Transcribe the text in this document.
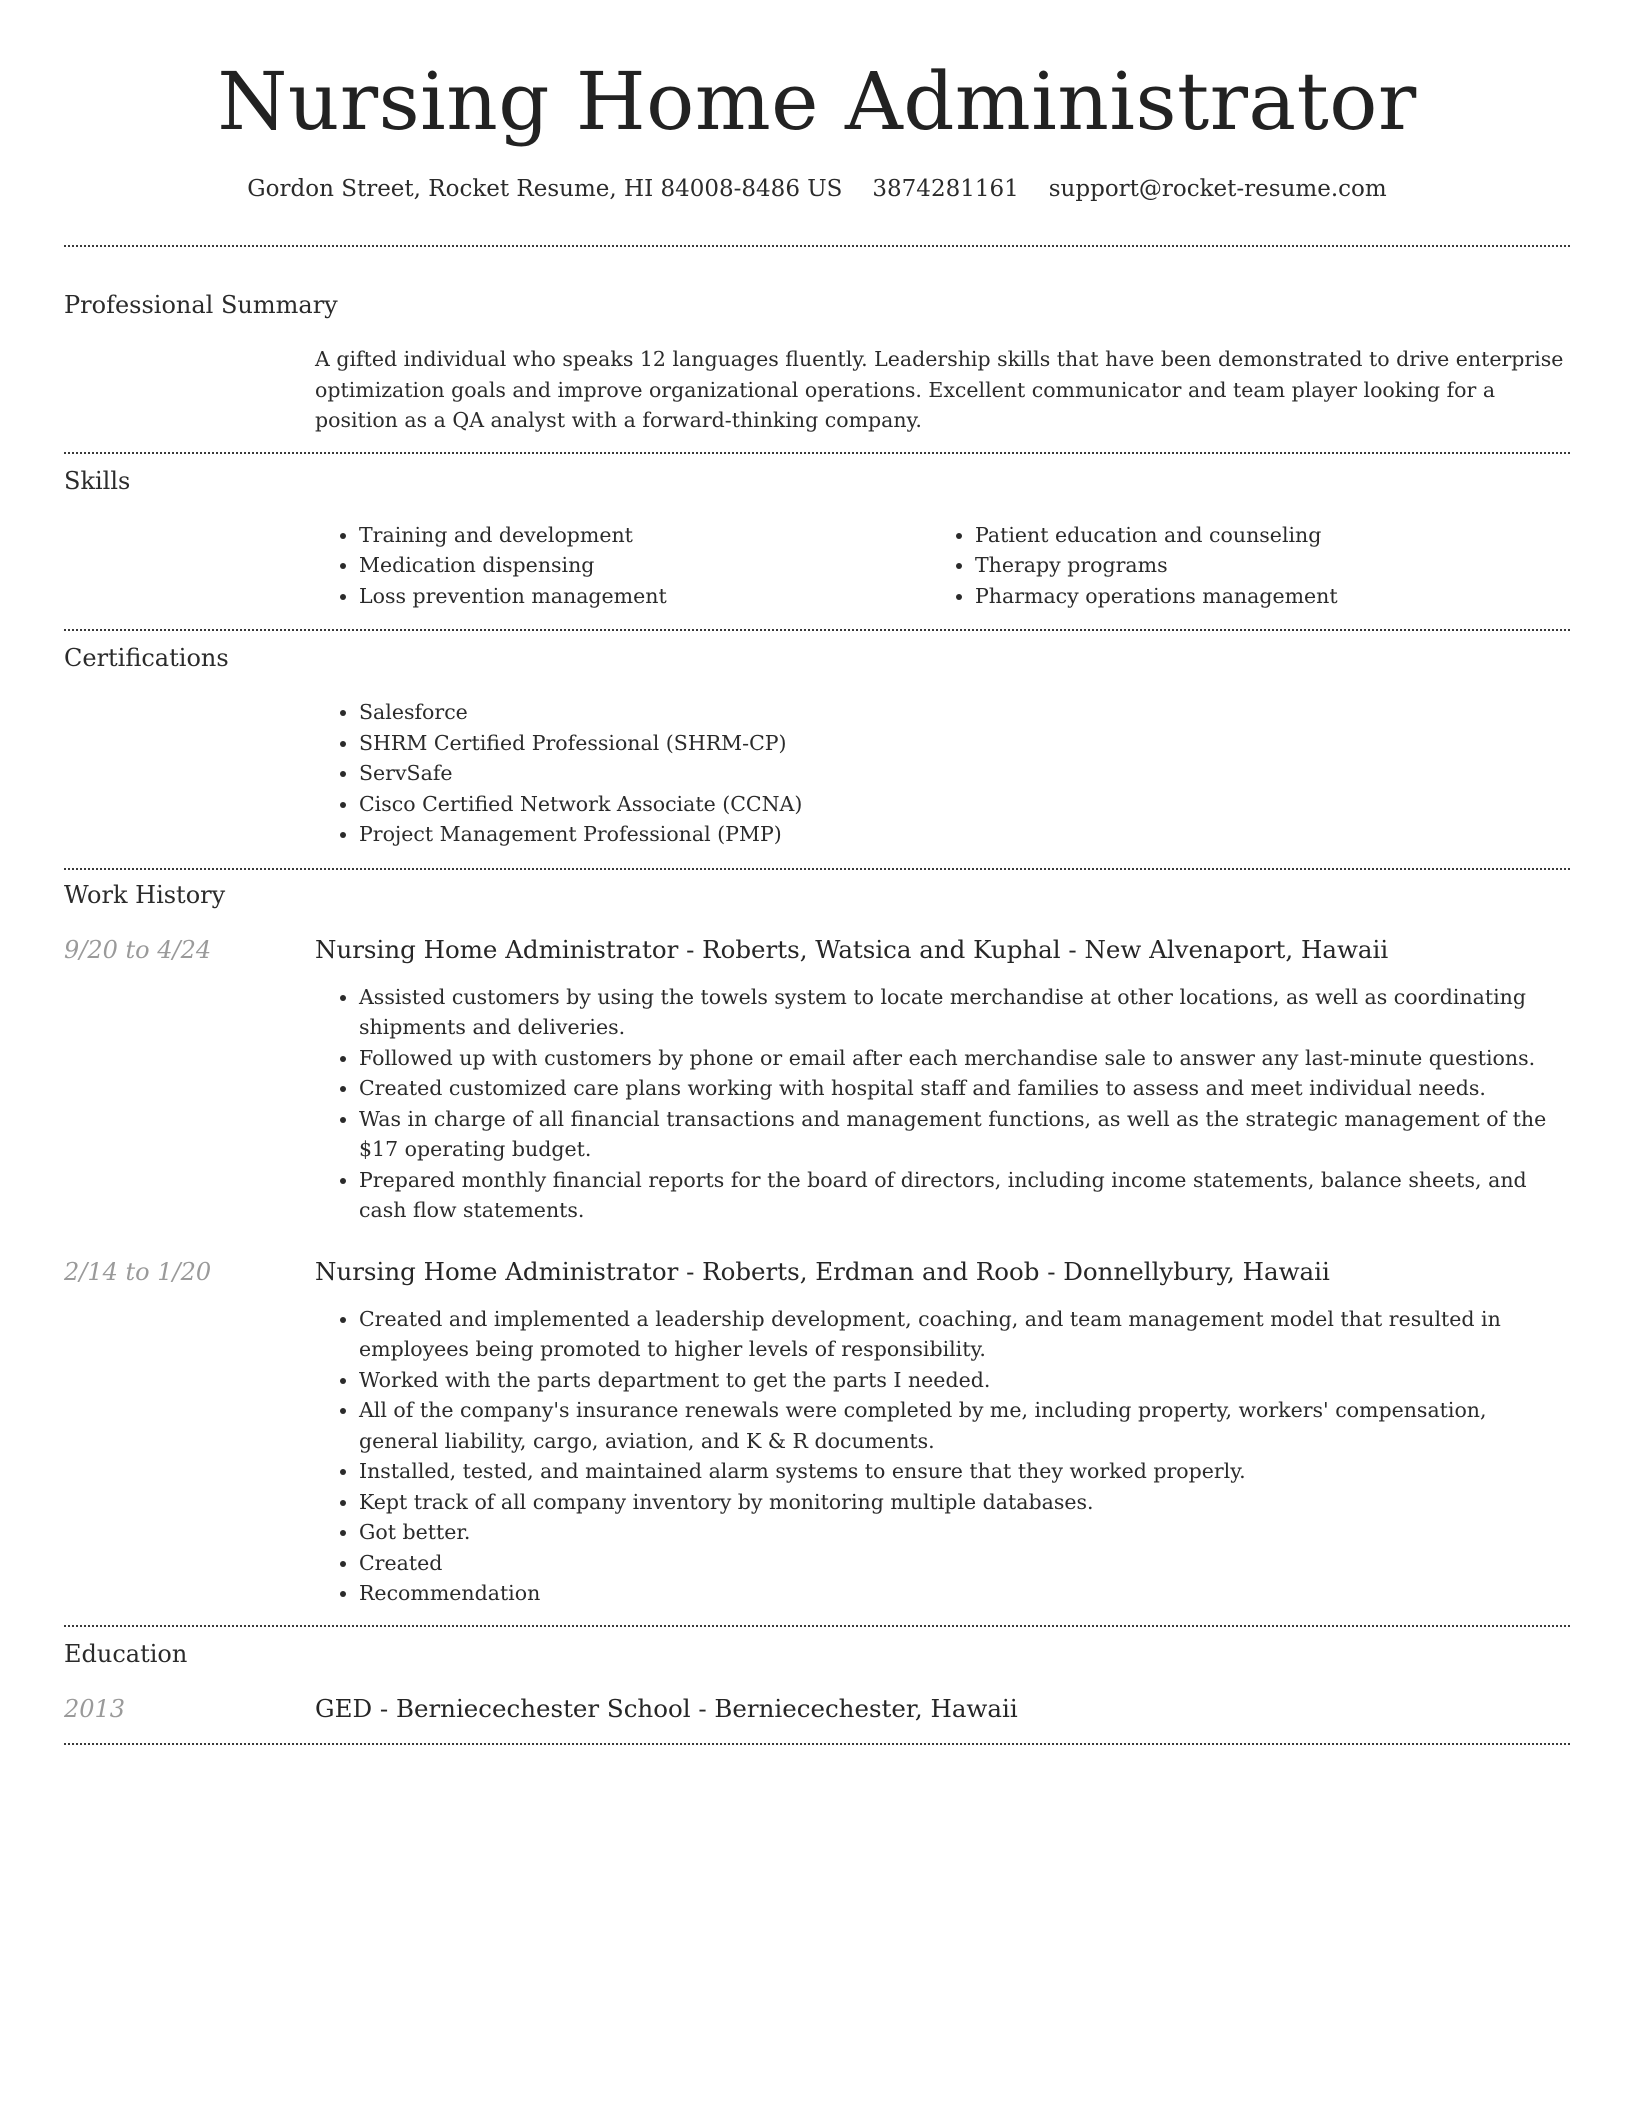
Nursing Home Administrator
Gordon Street, Rocket Resume, HI 84008-8486 US 3874281161 support@rocket-resume.com
Professional Summary
A gifted individual who speaks 12 languages fluently. Leadership skills that have been demonstrated to drive enterprise optimization goals and improve organizational operations. Excellent communicator and team player looking for a position as a QA analyst with a forward-thinking company.
Skills
• Training and development
• Medication dispensing
• Loss prevention management
• Patient education and counseling
• Therapy programs
• Pharmacy operations management
Certifications
• Salesforce
• SHRM Certified Professional (SHRM-CP)
• ServSafe
• Cisco Certified Network Associate (CCNA)
• Project Management Professional (PMP)
Work History
9/20 to 4/24	Nursing Home Administrator - Roberts, Watsica and Kuphal - New Alvenaport, Hawaii
• Assisted customers by using the towels system to locate merchandise at other locations, as well as coordinating shipments and deliveries.
• Followed up with customers by phone or email after each merchandise sale to answer any last-minute questions.
• Created customized care plans working with hospital staff and families to assess and meet individual needs.
• Was in charge of all financial transactions and management functions, as well as the strategic management of the $17 operating budget.
• Prepared monthly financial reports for the board of directors, including income statements, balance sheets, and cash flow statements.
2/14 to 1/20	Nursing Home Administrator - Roberts, Erdman and Roob - Donnellybury, Hawaii
• Created and implemented a leadership development, coaching, and team management model that resulted in employees being promoted to higher levels of responsibility.
• Worked with the parts department to get the parts I needed.
• All of the company's insurance renewals were completed by me, including property, workers' compensation, general liability, cargo, aviation, and K & R documents.
• Installed, tested, and maintained alarm systems to ensure that they worked properly.
• Kept track of all company inventory by monitoring multiple databases.
• Got better.
• Created
• Recommendation
Education
2013	GED - Berniecechester School - Berniecechester, Hawaii
